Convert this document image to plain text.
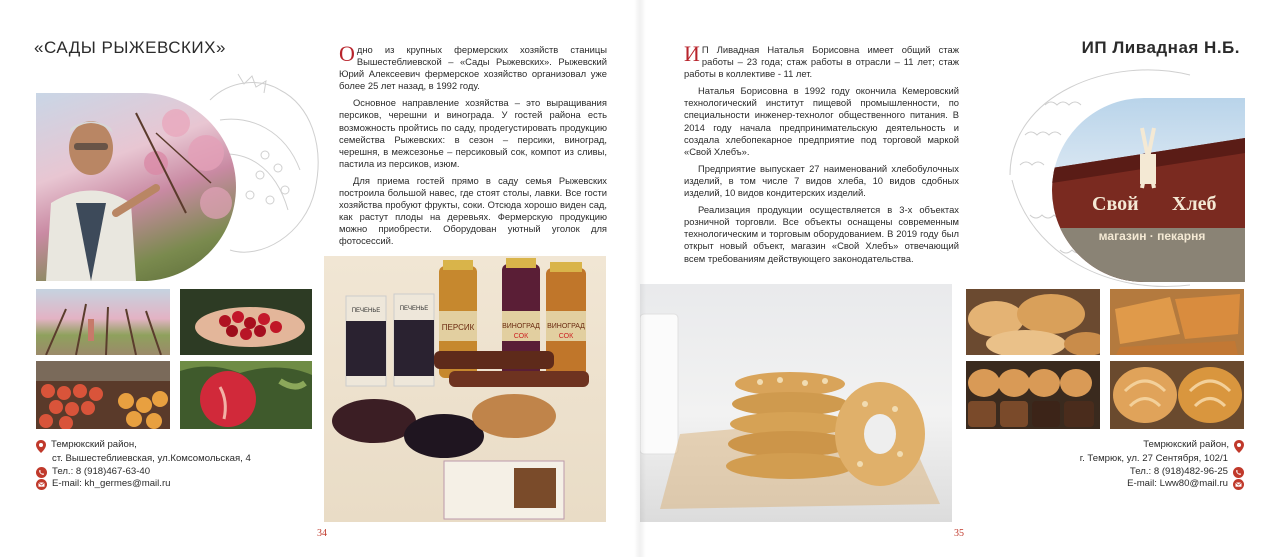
«САДЫ РЫЖЕВСКИХ»	Одно из крупных фермерских хозяйств станицы Вышестеблиевской – «Сады Рыжевских». Рыжевский Юрий Алексеевич фермерское хозяйство организовал уже более 25 лет назад, в 1992 году.

Основное направление хозяйства – это выращивания персиков, черешни и винограда. У гостей района есть возможность пройтись по саду, продегустировать продукцию семейства Рыжевских: в сезон – персики, виноград, черешня, в межсезонье – персиковый сок, компот из сливы, пастила из персиков, изюм.

Для приема гостей прямо в саду семья Рыжевских построила большой навес, где стоят столы, лавки. Все гости хозяйства пробуют фрукты, соки. Отсюда хорошо виден сад, как растут плоды на деревьях. Фермерскую продукцию можно приобрести. Оборудован уютный уголок для фотосессий.

ПЕРСИК	ВИНОГРАД
СОК
ВИНОГРАД
СОК
ПЕЧЕНЬЕ	ПЕЧЕНЬЕ
Темрюкский район,
ст. Вышестеблиевская, ул.Комсомольская, 4
Тел.: 8 (918)467-63-40
E-mail: kh_germes@mail.ru
34
ИП Ливадная Н.Б.
Свой Хлеб
магазин · пекарня

И П Ливадная Наталья Борисовна имеет общий стаж работы – 23 года; стаж работы в отрасли – 11 лет; стаж работы в коллективе - 11 лет.

Наталья Борисовна в 1992 году окончила Кемеровский технологический институт пищевой промышленности, по специальности инженер-технолог общественного питания. В 2014 году начала предпринимательскую деятельность и создала хлебопекарное предприятие под торговой маркой «Свой Хлебъ».

Предприятие выпускает 27 наименований хлебобулочных изделий, в том числе 7 видов хлеба, 10 видов сдобных изделий, 10 видов кондитерских изделий.

Реализация продукции осуществляется в 3-х объектах розничной торговли. Все объекты оснащены современным технологическим и торговым оборудованием. В 2019 году был открыт новый объект, магазин «Свой Хлебъ» отвечающий всем требованиям действующего законодательства.

Темрюкский район,
г. Темрюк, ул. 27 Сентября, 102/1
Тел.: 8 (918)482-96-25
E-mail: Lww80@mail.ru
35
